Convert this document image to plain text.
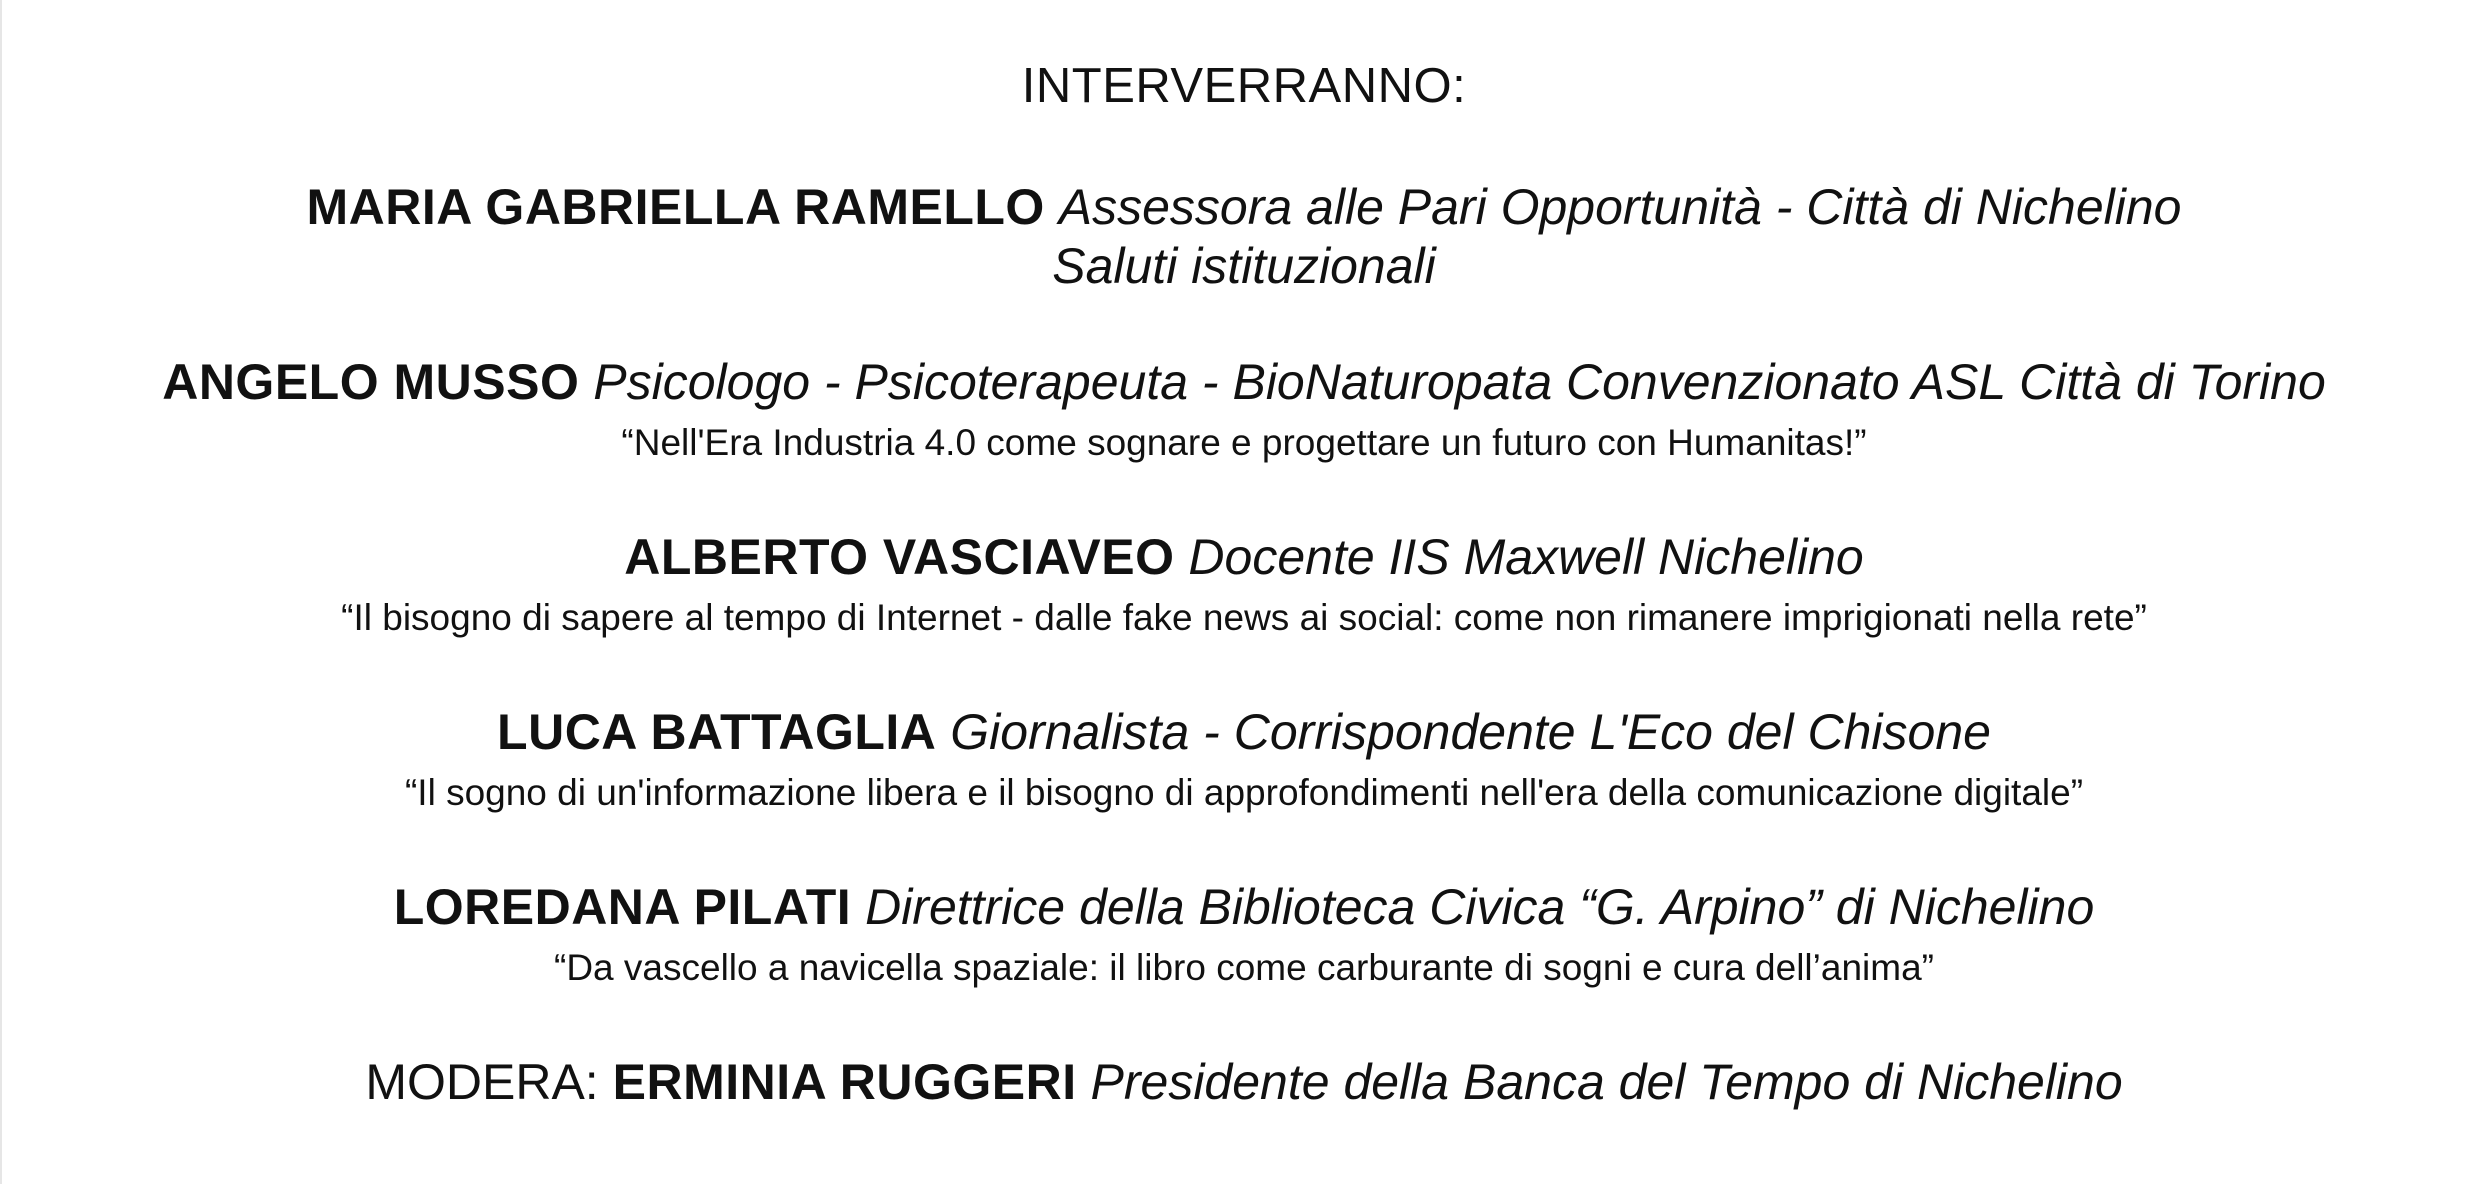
INTERVERRANNO:
MARIA GABRIELLA RAMELLO Assessora alle Pari Opportunità - Città di Nichelino
Saluti istituzionali
ANGELO MUSSO Psicologo - Psicoterapeuta - BioNaturopata Convenzionato ASL Città di Torino
“Nell'Era Industria 4.0 come sognare e progettare un futuro con Humanitas!”
ALBERTO VASCIAVEO Docente IIS Maxwell Nichelino
“Il bisogno di sapere al tempo di Internet - dalle fake news ai social: come non rimanere imprigionati nella rete”
LUCA BATTAGLIA Giornalista - Corrispondente L'Eco del Chisone
“Il sogno di un'informazione libera e il bisogno di approfondimenti nell'era della comunicazione digitale”
LOREDANA PILATI Direttrice della Biblioteca Civica “G. Arpino” di Nichelino
“Da vascello a navicella spaziale: il libro come carburante di sogni e cura dell’anima”
MODERA: ERMINIA RUGGERI Presidente della Banca del Tempo di Nichelino
